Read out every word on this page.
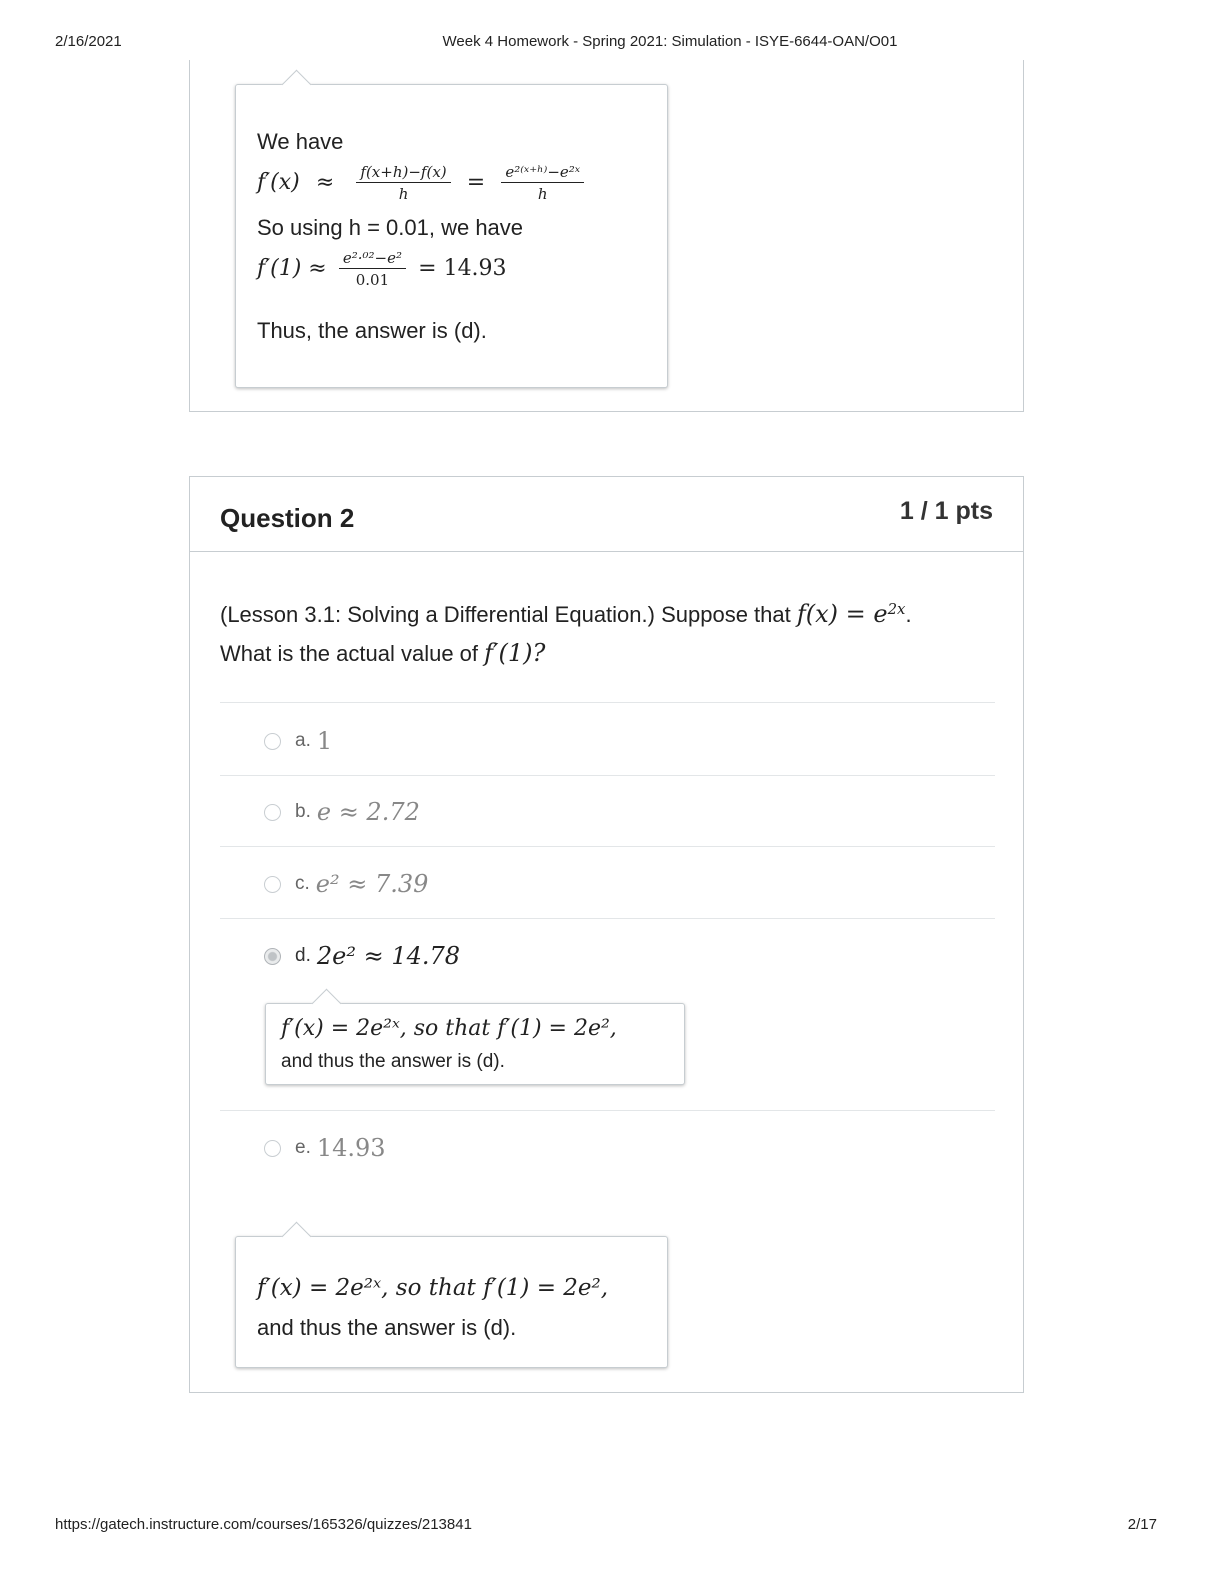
2/16/2021	Week 4 Homework - Spring 2021: Simulation - ISYE-6644-OAN/O01
We have
$f'(x) \approx \frac{f(x+h)-f(x)}{h} = \frac{\text{e²⁽ˣ⁺ʰ⁾−e²ˣ}}{h}$
So using h = 0.01, we have
$f'(1) \approx \frac{\text{e²·⁰²−e²}}{0.01} = 14.93$
Thus, the answer is (d).
Question 2	1 / 1 pts
(Lesson 3.1: Solving a Differential Equation.) Suppose that $f(x) = e^{2x}$.
What is the actual value of f′(1)?
a. 1
b. e ≈ 2.72
c. e² ≈ 7.39
d. 2e² ≈ 14.78
f′(x) = 2e²ˣ, so that f′(1) = 2e²,
and thus the answer is (d).
e. 14.93
f′(x) = 2e²ˣ, so that f′(1) = 2e²,
and thus the answer is (d).
https://gatech.instructure.com/courses/165326/quizzes/213841	2/17
